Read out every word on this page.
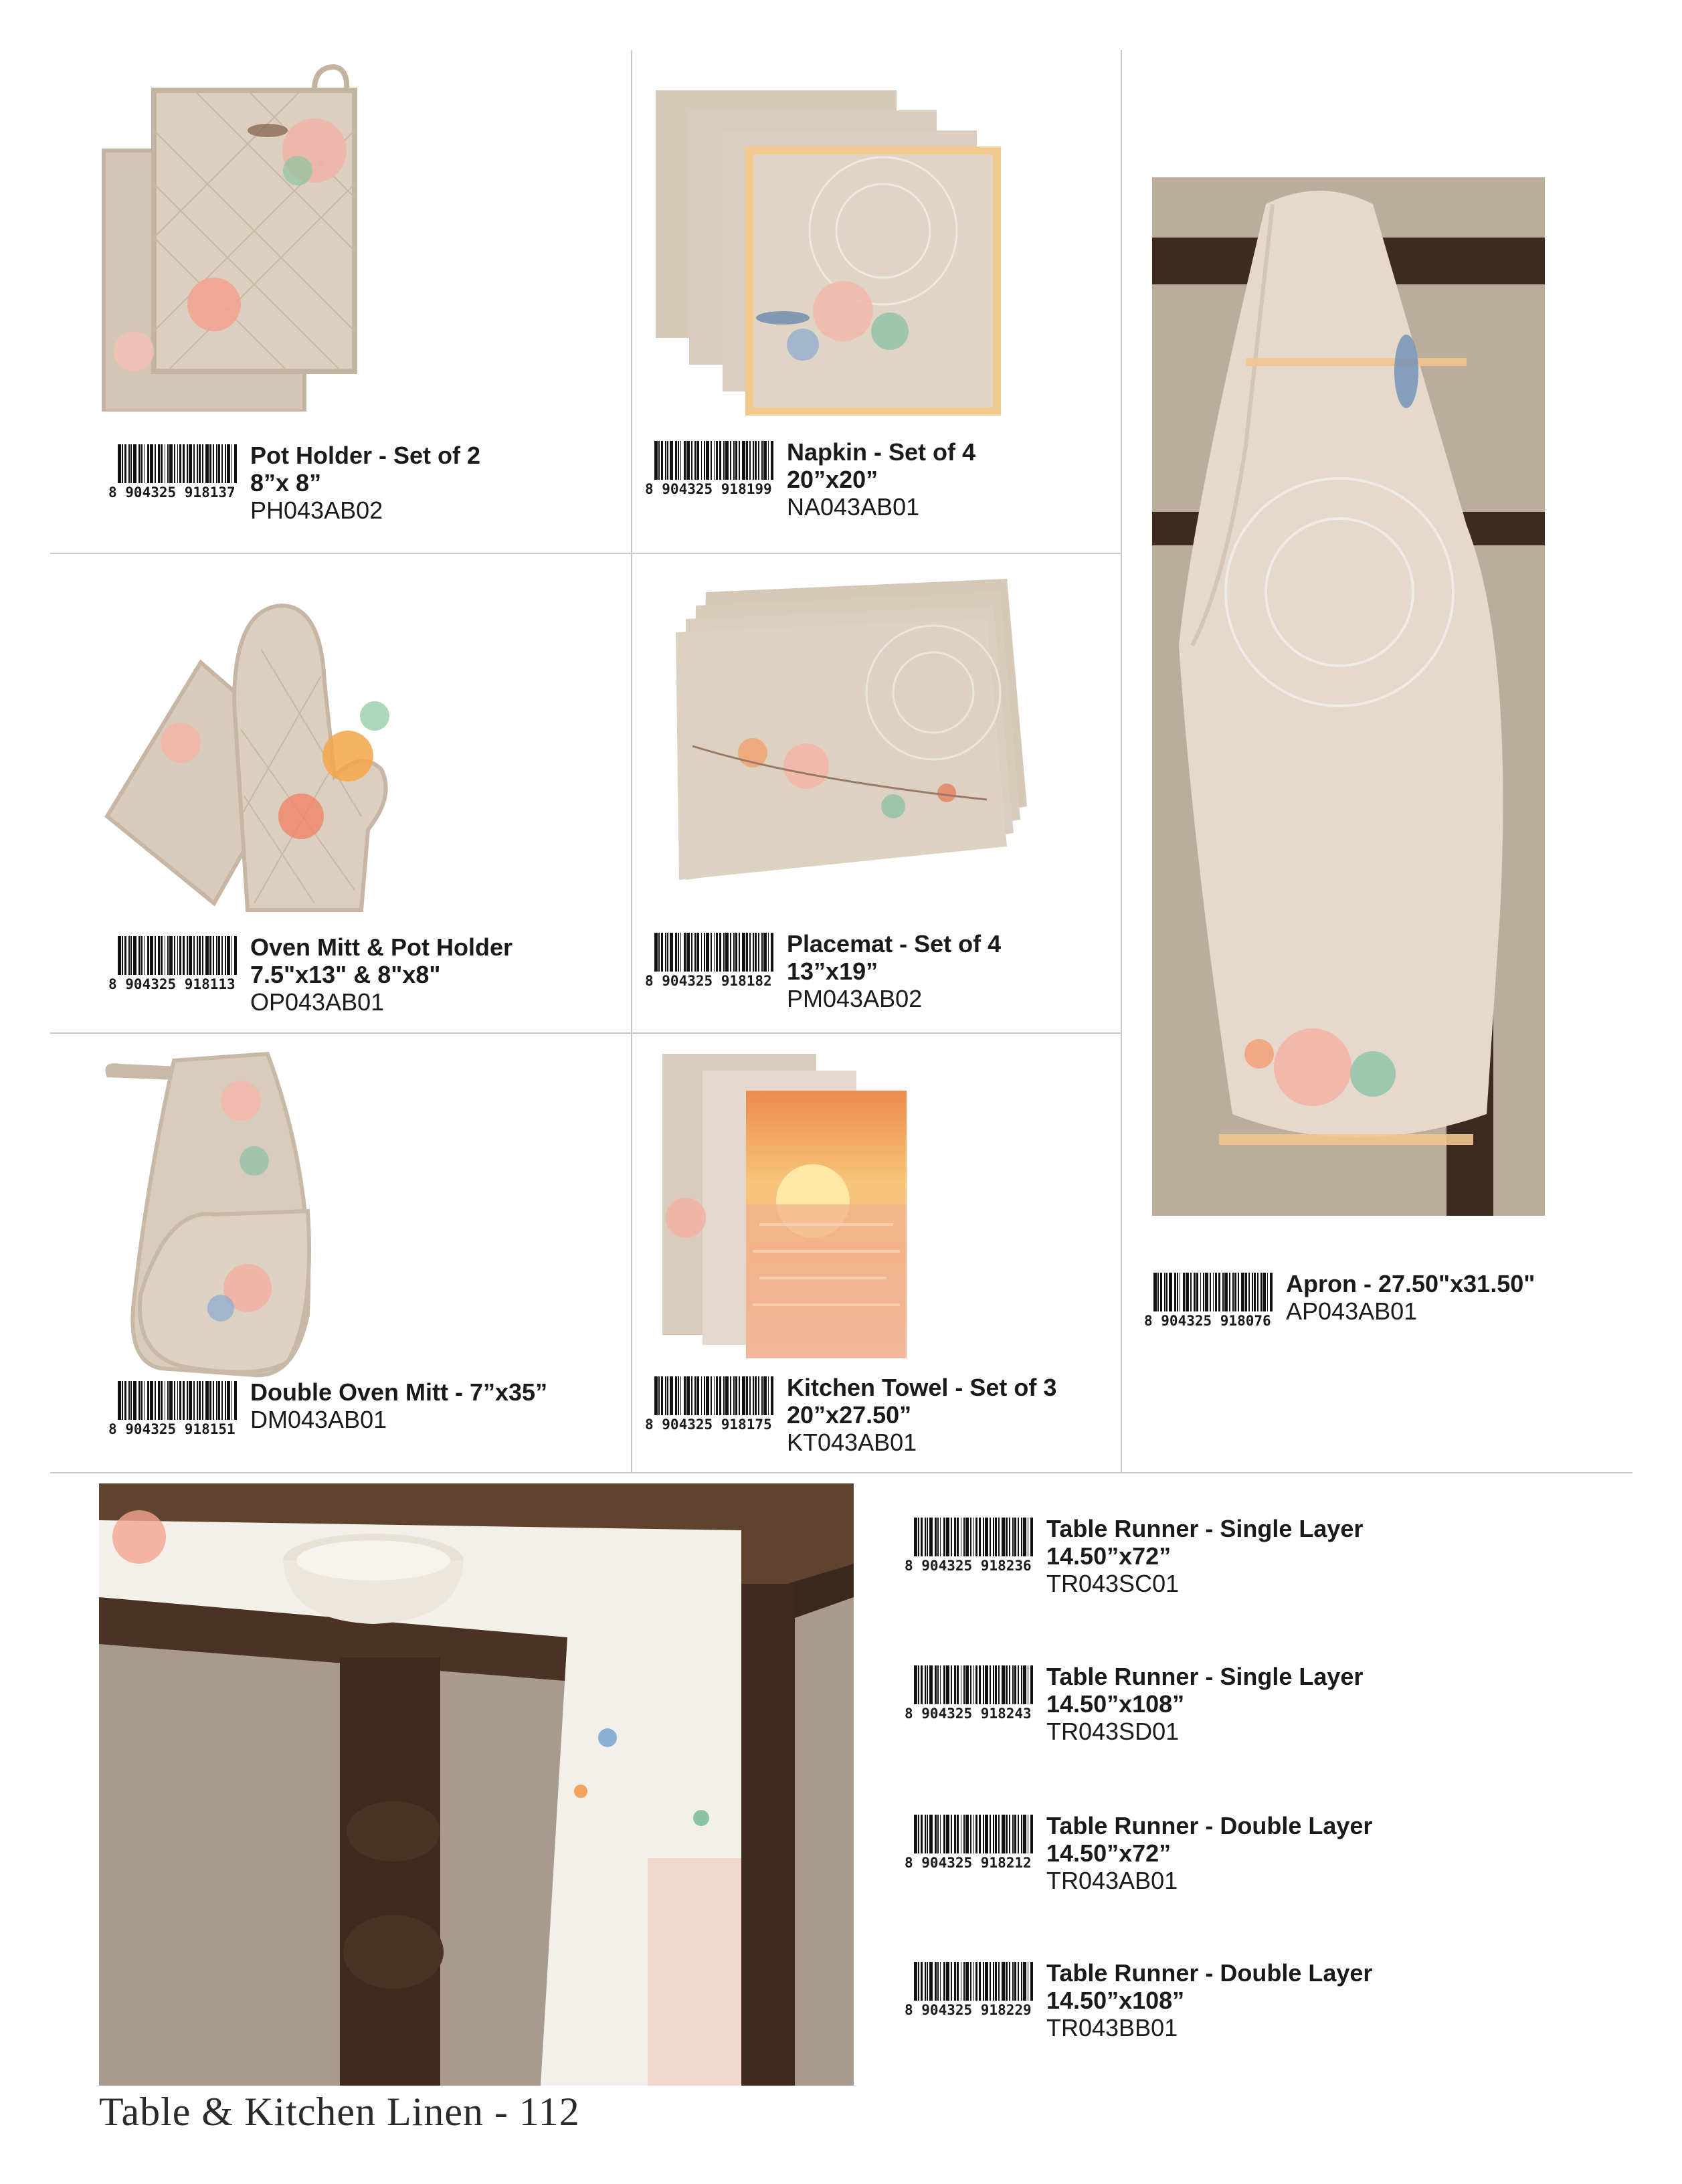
8 904325 918137
Pot Holder - Set of 2
8”x 8”
PH043AB02
8 904325 918199
Napkin - Set of 4
20”x20”
NA043AB01
8 904325 918113
Oven Mitt & Pot Holder
7.5"x13" & 8"x8"
OP043AB01
8 904325 918182
Placemat - Set of 4
13”x19”
PM043AB02
8 904325 918151
Double Oven Mitt - 7”x35”
DM043AB01	8 904325 918175
Kitchen Towel - Set of 3
20”x27.50”
KT043AB01
8 904325 918076
Apron - 27.50"x31.50"
AP043AB01
8 904325 918236
Table Runner - Single Layer
14.50”x72”
TR043SC01
8 904325 918243
Table Runner - Single Layer
14.50”x108”
TR043SD01
8 904325 918212
Table Runner - Double Layer
14.50”x72”
TR043AB01
8 904325 918229
Table Runner - Double Layer
14.50”x108”
TR043BB01
Table & Kitchen Linen - 112
